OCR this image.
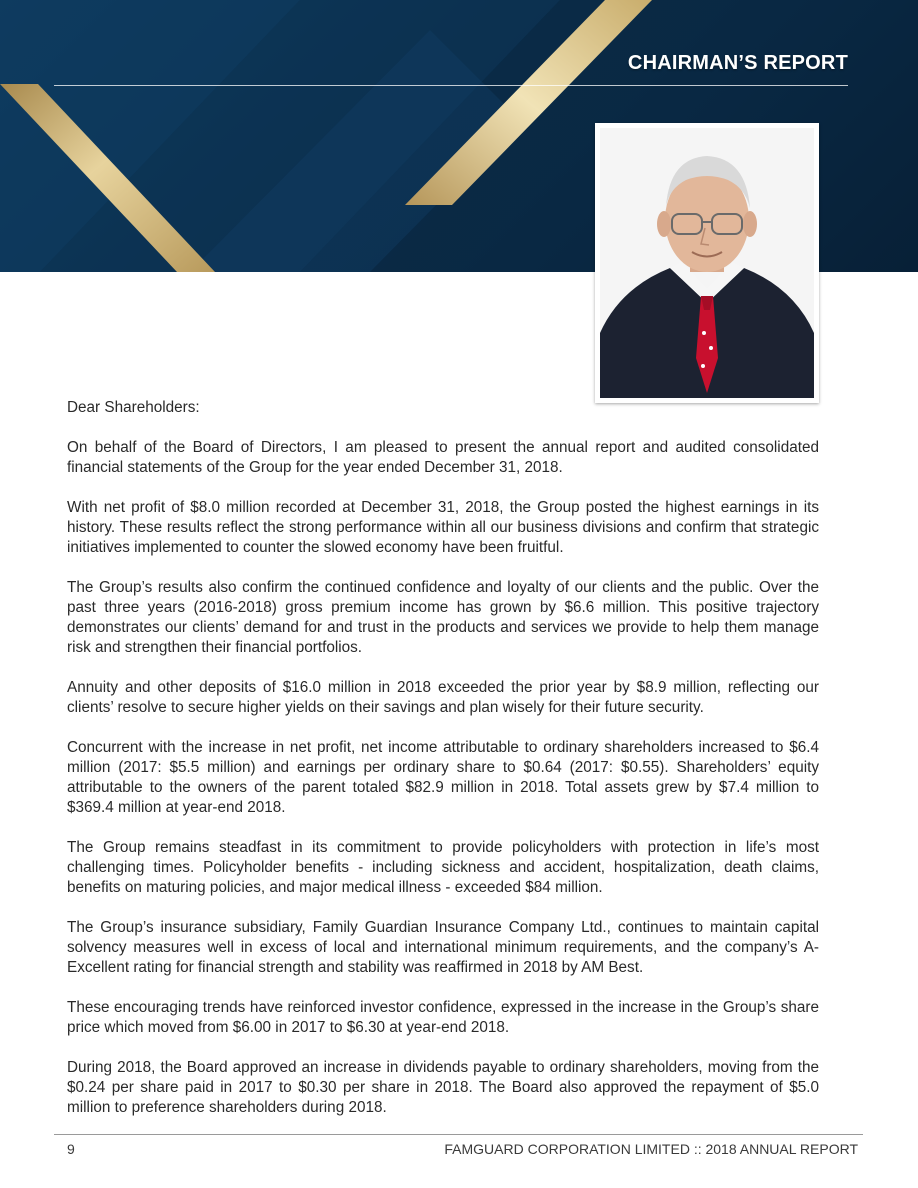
CHAIRMAN’S REPORT

Dear Shareholders:

On behalf of the Board of Directors, I am pleased to present the annual report and audited consolidated financial statements of the Group for the year ended December 31, 2018.

With net profit of $8.0 million recorded at December 31, 2018, the Group posted the highest earnings in its history. These results reflect the strong performance within all our business divisions and confirm that strategic initiatives implemented to counter the slowed economy have been fruitful.

The Group’s results also confirm the continued confidence and loyalty of our clients and the public. Over the past three years (2016-2018) gross premium income has grown by $6.6 million. This positive trajectory demonstrates our clients’ demand for and trust in the products and services we provide to help them manage risk and strengthen their financial portfolios.

Annuity and other deposits of $16.0 million in 2018 exceeded the prior year by $8.9 million, reflecting our clients’ resolve to secure higher yields on their savings and plan wisely for their future security.

Concurrent with the increase in net profit, net income attributable to ordinary shareholders increased to $6.4 million (2017: $5.5 million) and earnings per ordinary share to $0.64 (2017: $0.55). Shareholders’ equity attributable to the owners of the parent totaled $82.9 million in 2018. Total assets grew by $7.4 million to $369.4 million at year-end 2018.

The Group remains steadfast in its commitment to provide policyholders with protection in life’s most challenging times. Policyholder benefits - including sickness and accident, hospitalization, death claims, benefits on maturing policies, and major medical illness - exceeded $84 million.

The Group’s insurance subsidiary, Family Guardian Insurance Company Ltd., continues to maintain capital solvency measures well in excess of local and international minimum requirements, and the company’s A-Excellent rating for financial strength and stability was reaffirmed in 2018 by AM Best.

These encouraging trends have reinforced investor confidence, expressed in the increase in the Group’s share price which moved from $6.00 in 2017 to $6.30 at year-end 2018.

During 2018, the Board approved an increase in dividends payable to ordinary shareholders, moving from the $0.24 per share paid in 2017 to $0.30 per share in 2018. The Board also approved the repayment of $5.0 million to preference shareholders during 2018.

9	FAMGUARD CORPORATION LIMITED :: 2018 ANNUAL REPORT
